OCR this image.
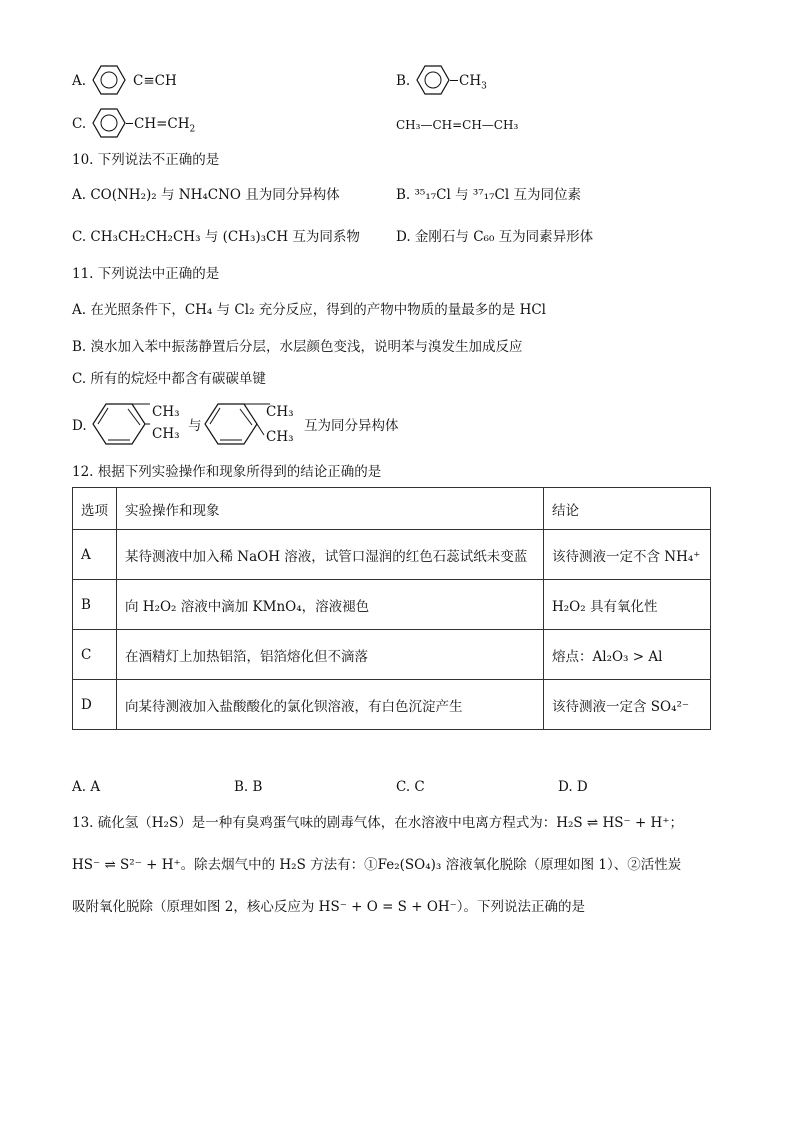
A.	C≡CH	B.	$CH_3$
C.	$CH=CH_2$	CH₃—CH=CH—CH₃
10. 下列说法不正确的是
A. CO(NH₂)₂ 与 NH₄CNO 且为同分异构体	B. ³⁵₁₇Cl 与 ³⁷₁₇Cl 互为同位素
C. CH₃CH₂CH₂CH₃ 与 (CH₃)₃CH 互为同系物	D. 金刚石与 C₆₀ 互为同素异形体
11. 下列说法中正确的是
A. 在光照条件下，CH₄ 与 Cl₂ 充分反应，得到的产物中物质的量最多的是 HCl
B. 溴水加入苯中振荡静置后分层，水层颜色变浅，说明苯与溴发生加成反应
C. 所有的烷烃中都含有碳碳单键
D.
CH₃
CH₃ 与
CH₃
CH₃
互为同分异构体
12. 根据下列实验操作和现象所得到的结论正确的是
选项	实验操作和现象	结论
A	某待测液中加入稀 NaOH 溶液，试管口湿润的红色石蕊试纸未变蓝	该待测液一定不含 NH₄⁺
B	向 H₂O₂ 溶液中滴加 KMnO₄，溶液褪色	H₂O₂ 具有氧化性
C	在酒精灯上加热铝箔，铝箔熔化但不滴落	熔点：Al₂O₃ > Al
D	向某待测液加入盐酸酸化的氯化钡溶液，有白色沉淀产生	该待测液一定含 SO₄²⁻
A. A	B. B	C. C	D. D
13. 硫化氢（H₂S）是一种有臭鸡蛋气味的剧毒气体，在水溶液中电离方程式为：H₂S ⇌ HS⁻ + H⁺；
HS⁻ ⇌ S²⁻ + H⁺。除去烟气中的 H₂S 方法有：①Fe₂(SO₄)₃ 溶液氧化脱除（原理如图 1）、②活性炭
吸附氧化脱除（原理如图 2，核心反应为 HS⁻ + O = S + OH⁻）。下列说法正确的是
